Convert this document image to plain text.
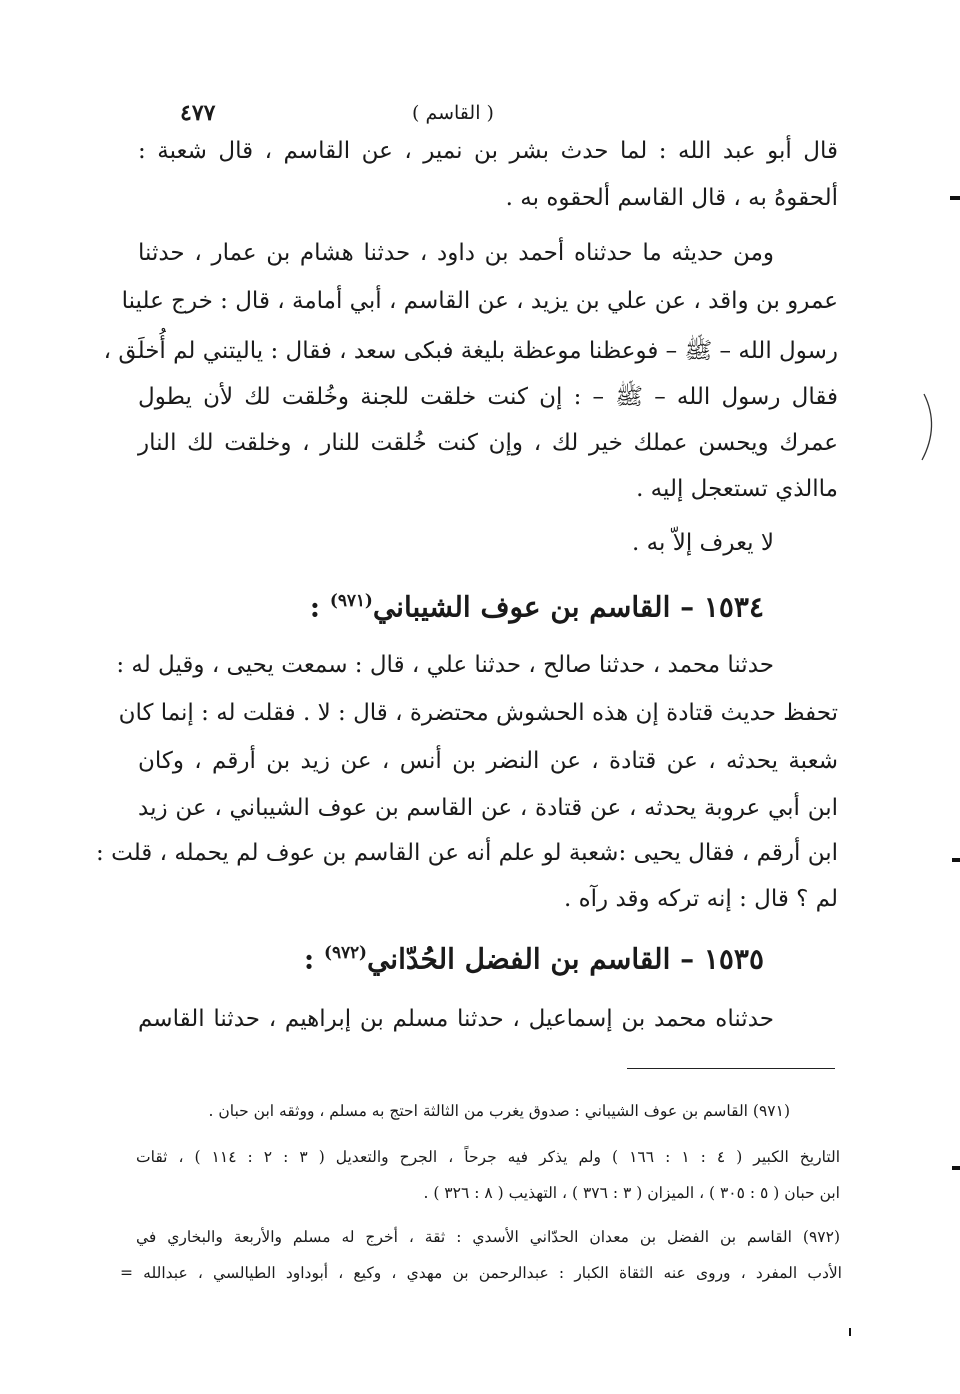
٤٧٧	( القاسم )
قال أبو عبد الله : لما حدث بشر بن نمير ، عن القاسم ، قال شعبة :
ألحقوهُ به ، قال القاسم ألحقوه به .
ومن حديثه ما حدثناه أحمد بن داود ، حدثنا هشام بن عمار ، حدثنا
عمرو بن واقد ، عن علي بن يزيد ، عن القاسم ، أبي أمامة ، قال : خرج علينا
رسول الله – ﷺ – فوعظنا موعظة بليغة فبكى سعد ، فقال : ياليتني لم أُخلَق ،
فقال رسول الله – ﷺ – : إن كنت خلقت للجنة وخُلقت لك لأن يطول
عمرك ويحسن عملك خير لك ، وإن كنت خُلقت للنار ، وخلقت لك النار
ماالذي تستعجل إليه .
لا يعرف إلاّ به .
١٥٣٤ – القاسم بن عوف الشيباني$^{(٩٧١)}$ :
حدثنا محمد ، حدثنا صالح ، حدثنا علي ، قال : سمعت يحيى ، وقيل له :
تحفظ حديث قتادة إن هذه الحشوش محتضرة ، قال : لا . فقلت له : إنما كان
شعبة يحدثه ، عن قتادة ، عن النضر بن أنس ، عن زيد بن أرقم ، وكان
ابن أبي عروبة يحدثه ، عن قتادة ، عن القاسم بن عوف الشيباني ، عن زيد
ابن أرقم ، فقال يحيى :شعبة لو علم أنه عن القاسم بن عوف لم يحمله ، قلت :
لم ؟ قال : إنه تركه وقد رآه .
١٥٣٥ – القاسم بن الفضل الحُدّاني$^{(٩٧٢)}$ :
حدثناه محمد بن إسماعيل ، حدثنا مسلم بن إبراهيم ، حدثنا القاسم
(٩٧١) القاسم بن عوف الشيباني : صدوق يغرب من الثالثة احتج به مسلم ، ووثقه ابن حبان .
التاريخ الكبير ( ٤ : ١ : ١٦٦ ) ولم يذكر فيه جرحاً ، الجرح والتعديل ( ٣ : ٢ : ١١٤ ) ، ثقات
ابن حبان ( ٥ : ٣٠٥ ) ، الميزان ( ٣ : ٣٧٦ ) ، التهذيب ( ٨ : ٣٢٦ ) .
(٩٧٢) القاسم بن الفضل بن معدان الحدّاني الأسدي : ثقة ، أخرج له مسلم والأربعة والبخاري في
الأدب المفرد ، وروى عنه الثقاة الكبار : عبدالرحمن بن مهدي ، وكيع ، أبوداود الطيالسي ، عبدالله =
